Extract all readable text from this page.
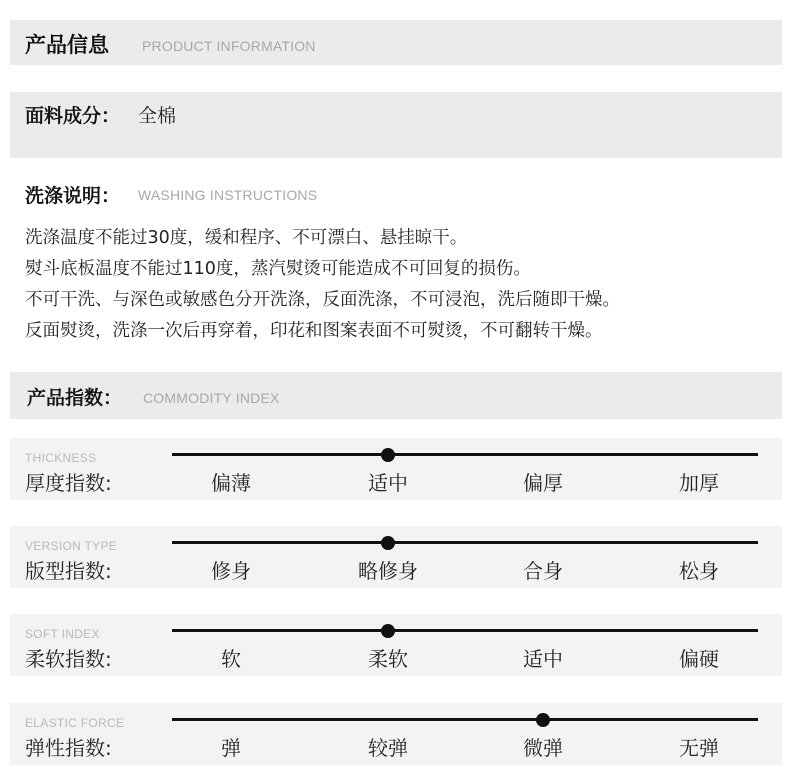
产品信息 PRODUCT INFORMATION
面料成分： 全棉
洗涤说明： WASHING INSTRUCTIONS
洗涤温度不能过30度，缓和程序、不可漂白、悬挂晾干。
熨斗底板温度不能过110度，蒸汽熨烫可能造成不可回复的损伤。
不可干洗、与深色或敏感色分开洗涤，反面洗涤，不可浸泡，洗后随即干燥。
反面熨烫，洗涤一次后再穿着，印花和图案表面不可熨烫，不可翻转干燥。
产品指数： COMMODITY INDEX
THICKNESS
厚度指数:	偏薄	适中	偏厚	加厚
VERSION TYPE
版型指数:	修身	略修身	合身	松身
SOFT INDEX
柔软指数:	软	柔软	适中	偏硬
ELASTIC FORCE
弹性指数:	弹	较弹	微弹	无弹
